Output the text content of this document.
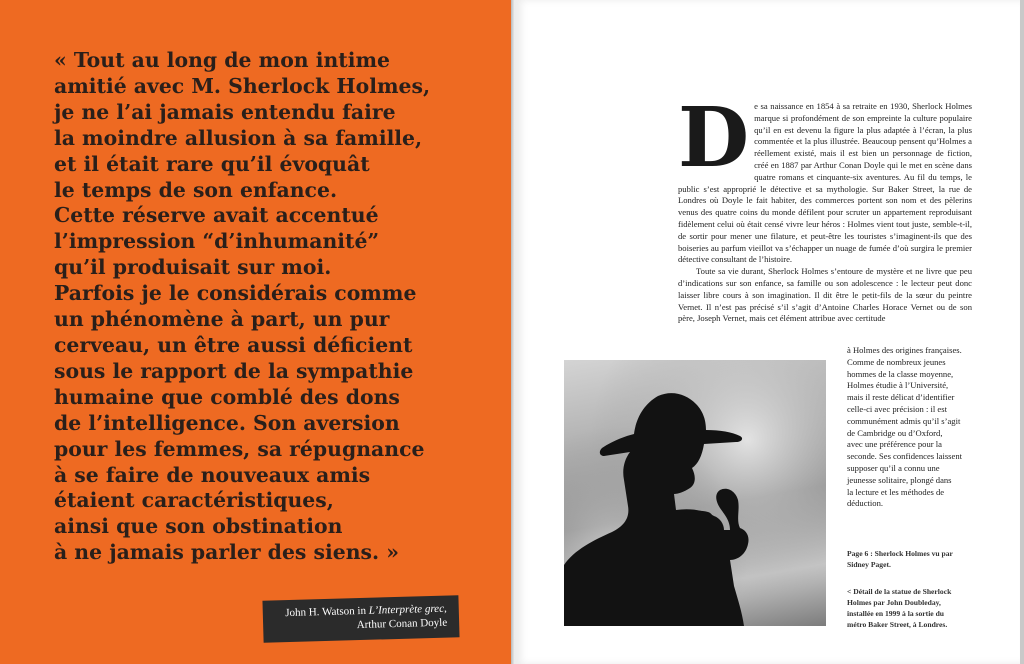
« Tout au long de mon intime
amitié avec M. Sherlock Holmes,
je ne l’ai jamais entendu faire
la moindre allusion à sa famille,
et il était rare qu’il évoquât
le temps de son enfance.
Cette réserve avait accentué
l’impression “d’inhumanité”
qu’il produisait sur moi.
Parfois je le considérais comme
un phénomène à part, un pur
cerveau, un être aussi déficient
sous le rapport de la sympathie
humaine que comblé des dons
de l’intelligence. Son aversion
pour les femmes, sa répugnance
à se faire de nouveaux amis
étaient caractéristiques,
ainsi que son obstination
à ne jamais parler des siens. »
John H. Watson in L’Interprète grec,
Arthur Conan Doyle
D e sa naissance en 1854 à sa retraite en 1930, Sherlock Holmes marque si profondément de son empreinte la culture populaire qu’il en est devenu la figure la plus adaptée à l’écran, la plus commentée et la plus illustrée. Beaucoup pensent qu’Holmes a réellement existé, mais il est bien un personnage de fiction, créé en 1887 par Arthur Conan Doyle qui le met en scène dans quatre romans et cinquante-six aventures. Au fil du temps, le public s’est approprié le détective et sa mythologie. Sur Baker Street, la rue de Londres où Doyle le fait habiter, des commerces portent son nom et des pèlerins venus des quatre coins du monde défilent pour scruter un appartement reproduisant fidèlement celui où était censé vivre leur héros : Holmes vient tout juste, semble-t-il, de sortir pour mener une filature, et peut-être les touristes s’imaginent-ils que des boiseries au parfum vieillot va s’échapper un nuage de fumée d’où surgira le premier détective consultant de l’histoire.

Toute sa vie durant, Sherlock Holmes s’entoure de mystère et ne livre que peu d’indications sur son enfance, sa famille ou son adolescence : le lecteur peut donc laisser libre cours à son imagination. Il dit être le petit-fils de la sœur du peintre Vernet. Il n’est pas précisé s’il s’agit d’Antoine Charles Horace Vernet ou de son père, Joseph Vernet, mais cet élément attribue avec certitude

à Holmes des origines françaises.
Comme de nombreux jeunes
hommes de la classe moyenne,
Holmes étudie à l’Université,
mais il reste délicat d’identifier
celle-ci avec précision : il est
communément admis qu’il s’agit
de Cambridge ou d’Oxford,
avec une préférence pour la
seconde. Ses confidences laissent
supposer qu’il a connu une
jeunesse solitaire, plongé dans
la lecture et les méthodes de
déduction.
Page 6 : Sherlock Holmes vu par
Sidney Paget.
< Détail de la statue de Sherlock
Holmes par John Doubleday,
installée en 1999 à la sortie du
métro Baker Street, à Londres.
